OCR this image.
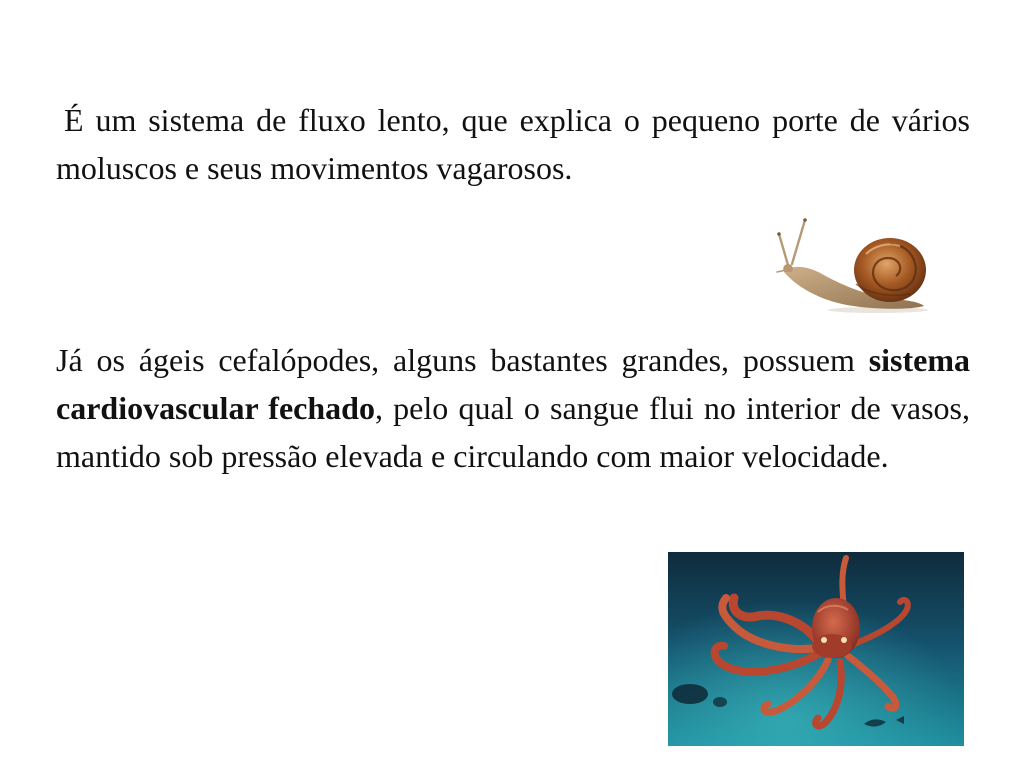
É um sistema de fluxo lento, que explica o pequeno porte de vários moluscos e seus movimentos vagarosos.

Já os ágeis cefalópodes, alguns bastantes grandes, possuem sistema cardiovascular fechado, pelo qual o sangue flui no interior de vasos, mantido sob pressão elevada e circulando com maior velocidade.
